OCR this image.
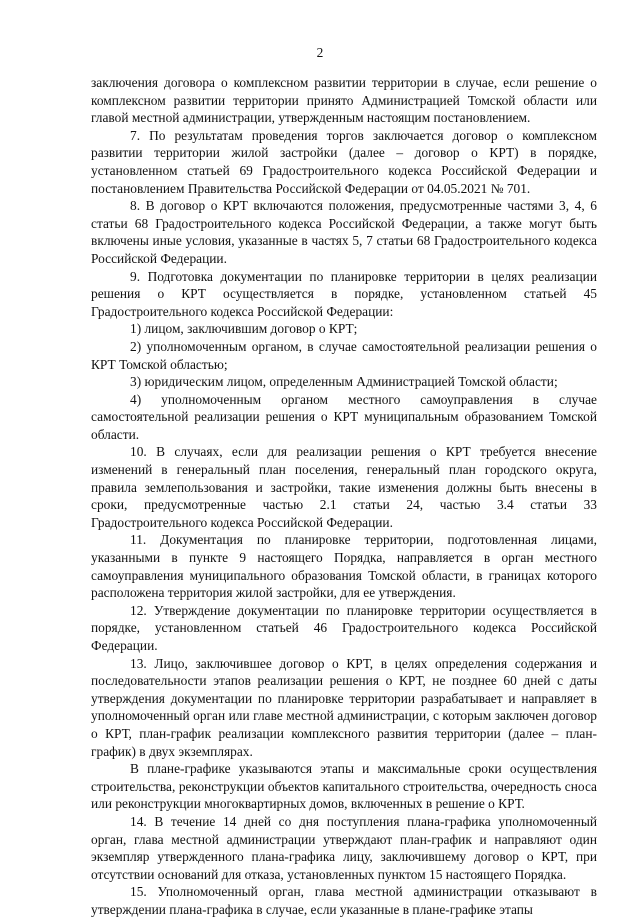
2

заключения договора о комплексном развитии территории в случае, если решение о комплексном развитии территории принято Администрацией Томской области или главой местной администрации, утвержденным настоящим постановлением.

7. По результатам проведения торгов заключается договор о комплексном развитии территории жилой застройки (далее – договор о КРТ) в порядке, установленном статьей 69 Градостроительного кодекса Российской Федерации и постановлением Правительства Российской Федерации от 04.05.2021 № 701.

8. В договор о КРТ включаются положения, предусмотренные частями 3, 4, 6 статьи 68 Градостроительного кодекса Российской Федерации, а также могут быть включены иные условия, указанные в частях 5, 7 статьи 68 Градостроительного кодекса Российской Федерации.

9. Подготовка документации по планировке территории в целях реализации решения о КРТ осуществляется в порядке, установленном статьей 45 Градостроительного кодекса Российской Федерации:

1) лицом, заключившим договор о КРТ;

2) уполномоченным органом, в случае самостоятельной реализации решения о КРТ Томской областью;

3) юридическим лицом, определенным Администрацией Томской области;

4) уполномоченным органом местного самоуправления в случае самостоятельной реализации решения о КРТ муниципальным образованием Томской области.

10. В случаях, если для реализации решения о КРТ требуется внесение изменений в генеральный план поселения, генеральный план городского округа, правила землепользования и застройки, такие изменения должны быть внесены в сроки, предусмотренные частью 2.1 статьи 24, частью 3.4 статьи 33 Градостроительного кодекса Российской Федерации.

11. Документация по планировке территории, подготовленная лицами, указанными в пункте 9 настоящего Порядка, направляется в орган местного самоуправления муниципального образования Томской области, в границах которого расположена территория жилой застройки, для ее утверждения.

12. Утверждение документации по планировке территории осуществляется в порядке, установленном статьей 46 Градостроительного кодекса Российской Федерации.

13. Лицо, заключившее договор о КРТ, в целях определения содержания и последовательности этапов реализации решения о КРТ, не позднее 60 дней с даты утверждения документации по планировке территории разрабатывает и направляет в уполномоченный орган или главе местной администрации, с которым заключен договор о КРТ, план-график реализации комплексного развития территории (далее – план-график) в двух экземплярах.

В плане-графике указываются этапы и максимальные сроки осуществления строительства, реконструкции объектов капитального строительства, очередность сноса или реконструкции многоквартирных домов, включенных в решение о КРТ.

14. В течение 14 дней со дня поступления плана-графика уполномоченный орган, глава местной администрации утверждают план-график и направляют один экземпляр утвержденного плана-графика лицу, заключившему договор о КРТ, при отсутствии оснований для отказа, установленных пунктом 15 настоящего Порядка.

15. Уполномоченный орган, глава местной администрации отказывают в утверждении плана-графика в случае, если указанные в плане-графике этапы
